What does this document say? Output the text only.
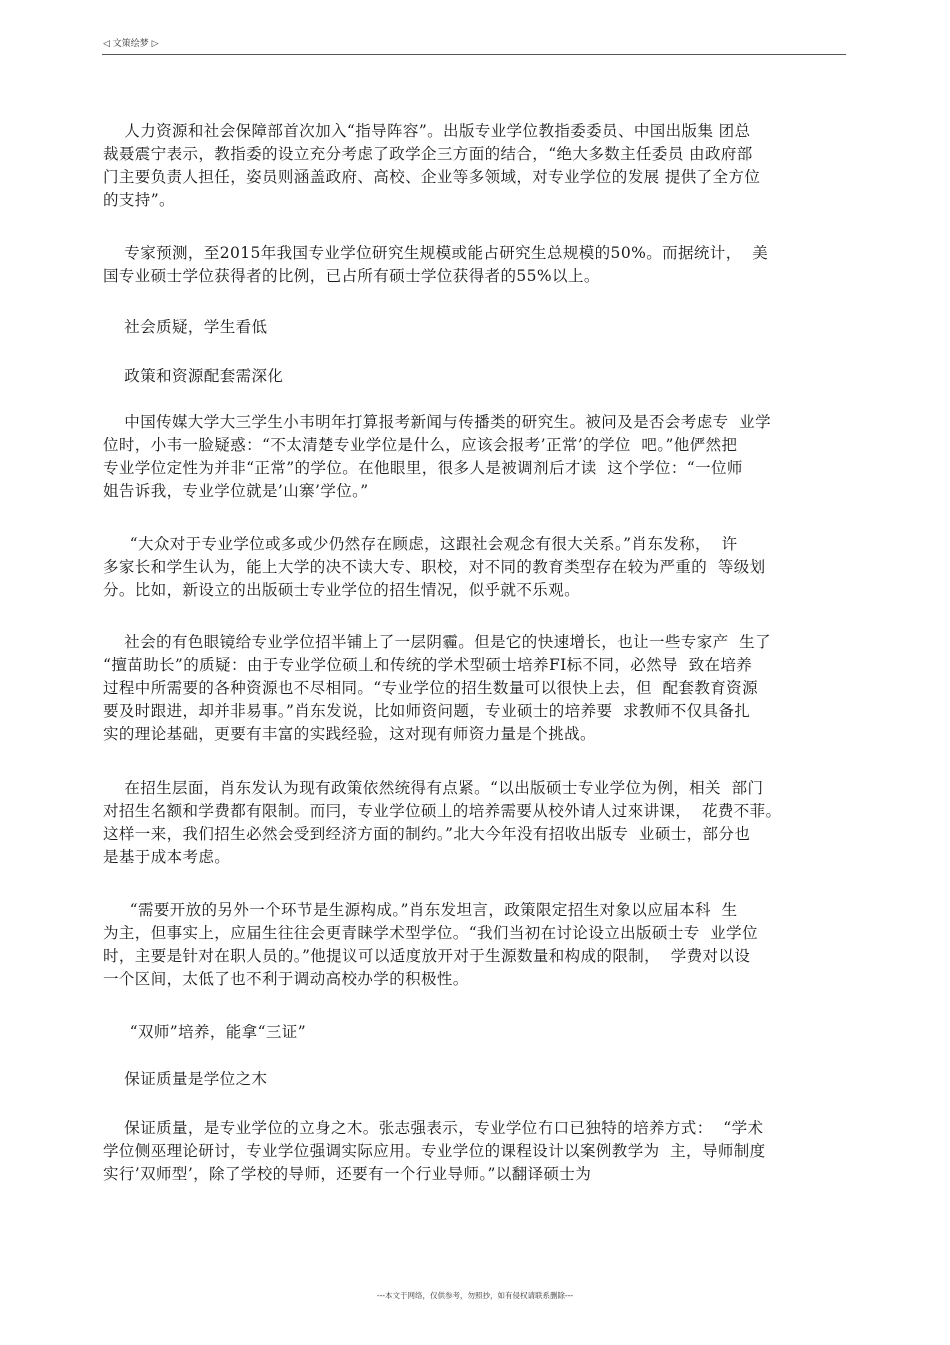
◁ 文策绘梦 ▷
人力资源和社会保障部首次加入“指导阵容”。出版专业学位教指委委员、中国出版集 团总
裁聂震宁表示，教指委的设立充分考虑了政学企三方面的结合，“绝大多数主任委员 由政府部
门主要负责人担任，姿员则涵盖政府、高校、企业等多领域，对专业学位的发展 提供了全方位
的支持”。
专家预测，至2015年我国专业学位研究生规模或能占研究生总规模的50%。而据统计，  美
国专业硕士学位获得者的比例，已占所有硕士学位获得者的55%以上。
社会质疑，学生看低
政策和资源配套需深化
中国传媒大学大三学生小韦明年打算报考新闻与传播类的研究生。被问及是否会考虑专  业学
位时，小韦一脸疑惑：“不太清楚专业学位是什么，应该会报考’正常’的学位  吧。”他俨然把
专业学位定性为并非“正常”的学位。在他眼里，很多人是被调剂后才读  这个学位：“一位师
姐告诉我，专业学位就是’山寨’学位。”
“大众对于专业学位或多或少仍然存在顾虑，这跟社会观念有很大关系。”肖东发称，  许
多家长和学生认为，能上大学的决不读大专、职校，对不同的教育类型存在较为严重的  等级划
分。比如，新设立的出版硕士专业学位的招生情况，似乎就不乐观。
社会的有色眼镜给专业学位招半铺上了一层阴霾。但是它的快速增长，也让一些专家产  生了
“擅苗助长”的质疑：由于专业学位硕丄和传统的学术型硕士培养FI标不同，必然导  致在培养
过程中所需要的各种资源也不尽相同。“专业学位的招生数量可以很快上去，但  配套教育资源
要及时跟进，却并非易事。”肖东发说，比如师资问题，专业硕士的培养要  求教师不仅具备扎
实的理论基础，更要有丰富的实践经验，这对现有师资力量是个挑战。
在招生层面，肖东发认为现有政策依然统得有点紧。“以出版硕士专业学位为例，相关  部门
对招生名额和学费都有限制。而冃，专业学位硕丄的培养需要从校外请人过來讲课，  花费不菲。
这样一来，我们招生必然会受到经济方面的制约。”北大今年没有招收出版专  业硕士，部分也
是基于成本考虑。
“需要开放的另外一个环节是生源构成。”肖东发坦言，政策限定招生对象以应届本科  生
为主，但事实上，应届生往往会更青睐学术型学位。“我们当初在讨论设立出版硕士专  业学位
时，主要是针对在职人员的。”他提议可以适度放开对于生源数量和构成的限制，  学费对以设
一个区间，太低了也不利于调动高校办学的积极性。
“双师”培养，能拿“三证”
保证质量是学位之木
保证质量，是专业学位的立身之木。张志强表示，专业学位冇口已独特的培养方式：  “学术
学位侧巫理论研讨，专业学位强调实际应用。专业学位的课程设计以案例教学为  主，导师制度
实行’双师型’，除了学校的导师，还要有一个行业导师。”以翻译硕士为
---本文于网络，仅供参考，勿照抄，如有侵权请联系删除---
